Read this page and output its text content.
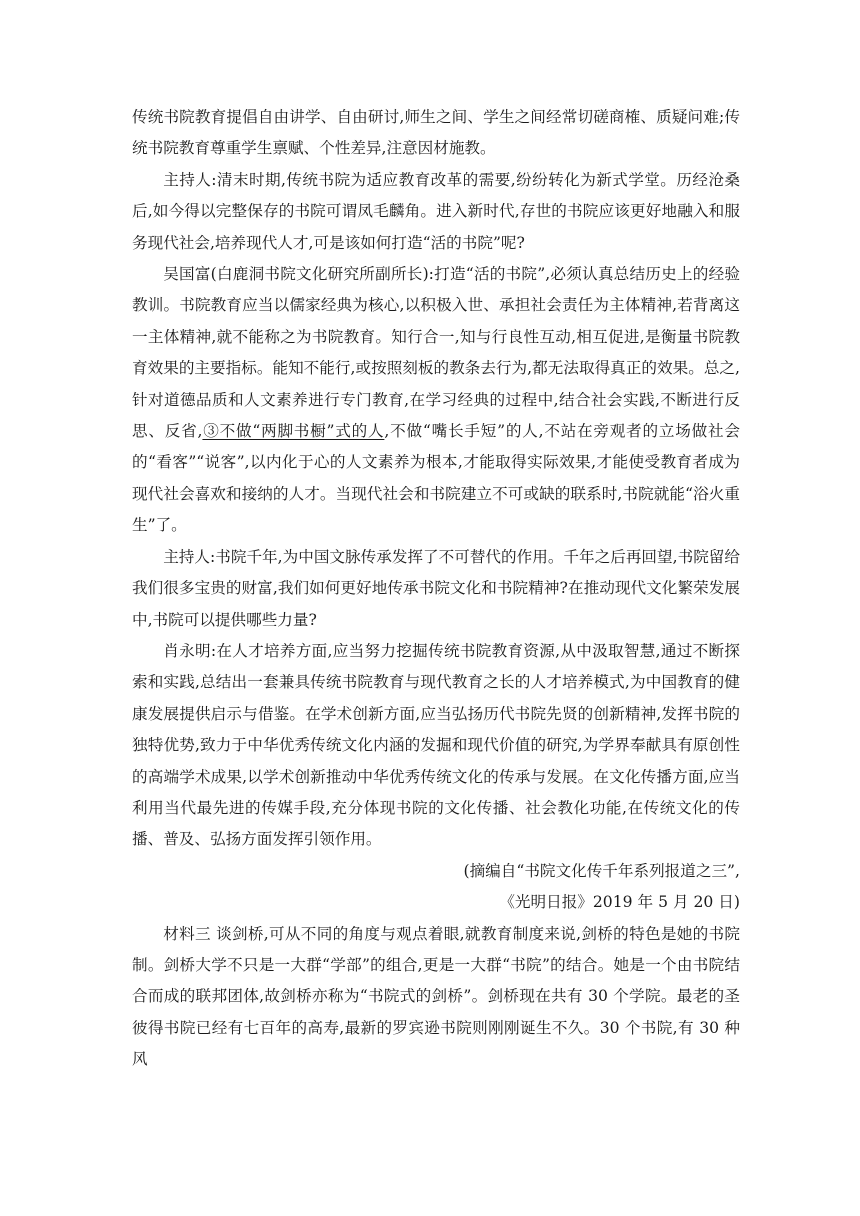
传统书院教育提倡自由讲学、自由研讨,师生之间、学生之间经常切磋商榷、质疑问难;传统书院教育尊重学生禀赋、个性差异,注意因材施教。

主持人:清末时期,传统书院为适应教育改革的需要,纷纷转化为新式学堂。历经沧桑后,如今得以完整保存的书院可谓凤毛麟角。进入新时代,存世的书院应该更好地融入和服务现代社会,培养现代人才,可是该如何打造“活的书院”呢?

吴国富(白鹿洞书院文化研究所副所长):打造“活的书院”,必须认真总结历史上的经验教训。书院教育应当以儒家经典为核心,以积极入世、承担社会责任为主体精神,若背离这一主体精神,就不能称之为书院教育。知行合一,知与行良性互动,相互促进,是衡量书院教育效果的主要指标。能知不能行,或按照刻板的教条去行为,都无法取得真正的效果。总之,针对道德品质和人文素养进行专门教育,在学习经典的过程中,结合社会实践,不断进行反思、反省,③不做“两脚书橱”式的人,不做“嘴长手短”的人,不站在旁观者的立场做社会的“看客”“说客”,以内化于心的人文素养为根本,才能取得实际效果,才能使受教育者成为现代社会喜欢和接纳的人才。当现代社会和书院建立不可或缺的联系时,书院就能“浴火重生”了。

主持人:书院千年,为中国文脉传承发挥了不可替代的作用。千年之后再回望,书院留给我们很多宝贵的财富,我们如何更好地传承书院文化和书院精神?在推动现代文化繁荣发展中,书院可以提供哪些力量?

肖永明:在人才培养方面,应当努力挖掘传统书院教育资源,从中汲取智慧,通过不断探索和实践,总结出一套兼具传统书院教育与现代教育之长的人才培养模式,为中国教育的健康发展提供启示与借鉴。在学术创新方面,应当弘扬历代书院先贤的创新精神,发挥书院的独特优势,致力于中华优秀传统文化内涵的发掘和现代价值的研究,为学界奉献具有原创性的高端学术成果,以学术创新推动中华优秀传统文化的传承与发展。在文化传播方面,应当利用当代最先进的传媒手段,充分体现书院的文化传播、社会教化功能,在传统文化的传播、普及、弘扬方面发挥引领作用。

(摘编自“书院文化传千年系列报道之三”,

《光明日报》2019 年 5 月 20 日)

材料三 谈剑桥,可从不同的角度与观点着眼,就教育制度来说,剑桥的特色是她的书院制。剑桥大学不只是一大群“学部”的组合,更是一大群“书院”的结合。她是一个由书院结合而成的联邦团体,故剑桥亦称为“书院式的剑桥”。剑桥现在共有 30 个学院。最老的圣彼得书院已经有七百年的高寿,最新的罗宾逊书院则刚刚诞生不久。30 个书院,有 30 种风
